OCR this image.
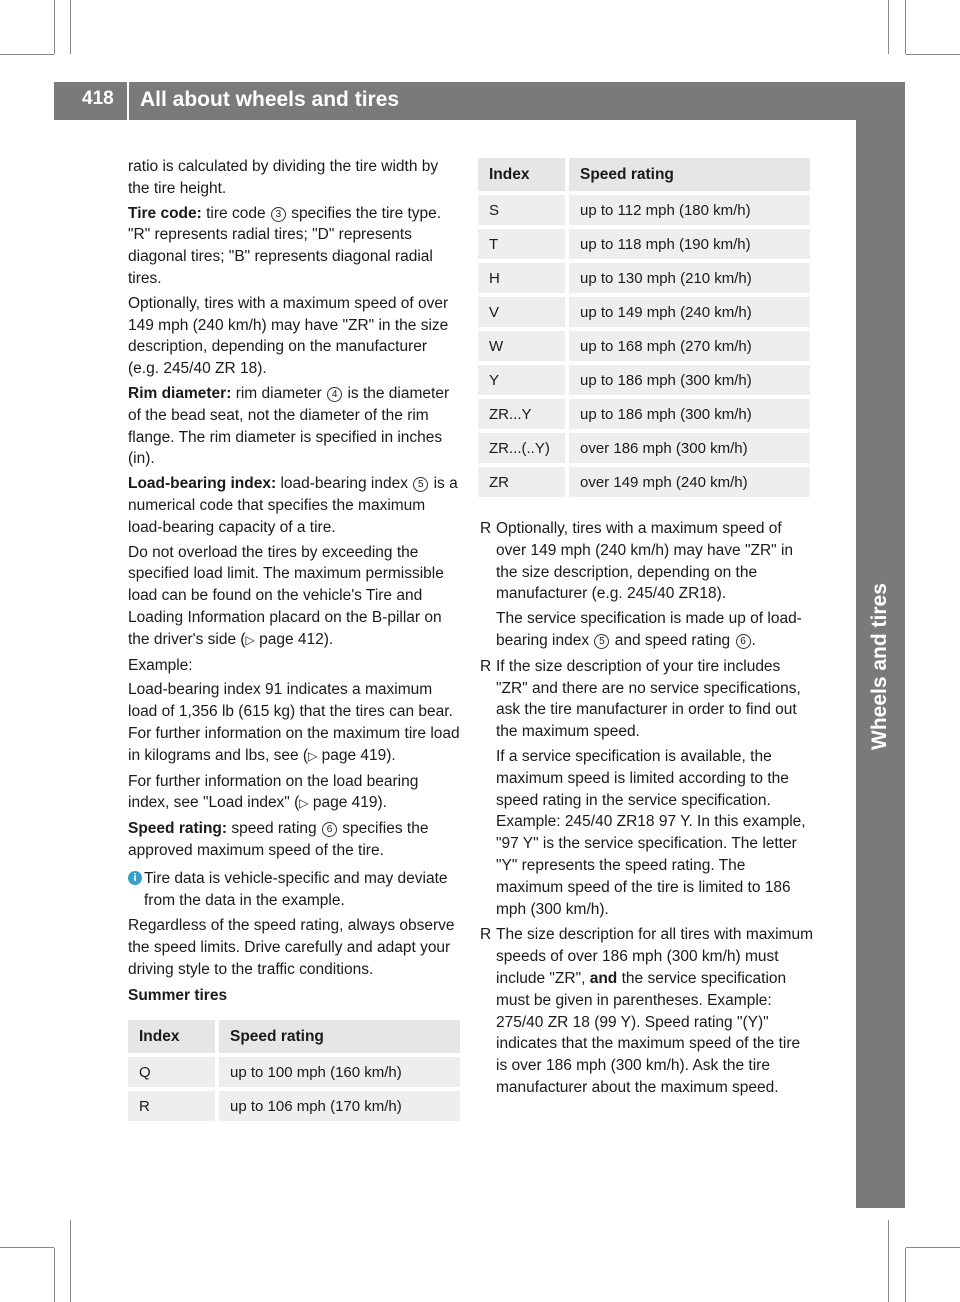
418 All about wheels and tires
Wheels and tires

ratio is calculated by dividing the tire width by the tire height.

Tire code: tire code 3 specifies the tire type. "R" represents radial tires; "D" represents diagonal tires; "B" represents diagonal radial tires.

Optionally, tires with a maximum speed of over 149 mph (240 km/h) may have "ZR" in the size description, depending on the manufacturer (e.g. 245/40 ZR 18).

Rim diameter: rim diameter 4 is the diameter of the bead seat, not the diameter of the rim flange. The rim diameter is specified in inches (in).

Load-bearing index: load-bearing index 5 is a numerical code that specifies the maximum load-bearing capacity of a tire.

Do not overload the tires by exceeding the specified load limit. The maximum permissible load can be found on the vehicle's Tire and Loading Information placard on the B-pillar on the driver's side (▷ page 412).

Example:

Load-bearing index 91 indicates a maximum load of 1,356 lb (615 kg) that the tires can bear. For further information on the maximum tire load in kilograms and lbs, see (▷ page 419).

For further information on the load bearing index, see "Load index" (▷ page 419).

Speed rating: speed rating 6 specifies the approved maximum speed of the tire.

i Tire data is vehicle-specific and may deviate from the data in the example.

Regardless of the speed rating, always observe the speed limits. Drive carefully and adapt your driving style to the traffic conditions.

Summer tires

Index	Speed rating
Q	up to 100 mph (160 km/h)
R	up to 106 mph (170 km/h)
Index	Speed rating
S	up to 112 mph (180 km/h)
T	up to 118 mph (190 km/h)
H	up to 130 mph (210 km/h)
V	up to 149 mph (240 km/h)
W	up to 168 mph (270 km/h)
Y	up to 186 mph (300 km/h)
ZR...Y	up to 186 mph (300 km/h)
ZR...(..Y)	over 186 mph (300 km/h)
ZR	over 149 mph (240 km/h)
R Optionally, tires with a maximum speed of over 149 mph (240 km/h) may have "ZR" in the size description, depending on the manufacturer (e.g. 245/40 ZR18).

The service specification is made up of load-bearing index 5 and speed rating 6 .

R If the size description of your tire includes "ZR" and there are no service specifications, ask the tire manufacturer in order to find out the maximum speed.

If a service specification is available, the maximum speed is limited according to the speed rating in the service specification. Example: 245/40 ZR18 97 Y. In this example, "97 Y" is the service specification. The letter "Y" represents the speed rating. The maximum speed of the tire is limited to 186 mph (300 km/h).

R The size description for all tires with maximum speeds of over 186 mph (300 km/h) must include "ZR", and the service specification must be given in parentheses. Example: 275/40 ZR 18 (99 Y). Speed rating "(Y)" indicates that the maximum speed of the tire is over 186 mph (300 km/h). Ask the tire manufacturer about the maximum speed.
